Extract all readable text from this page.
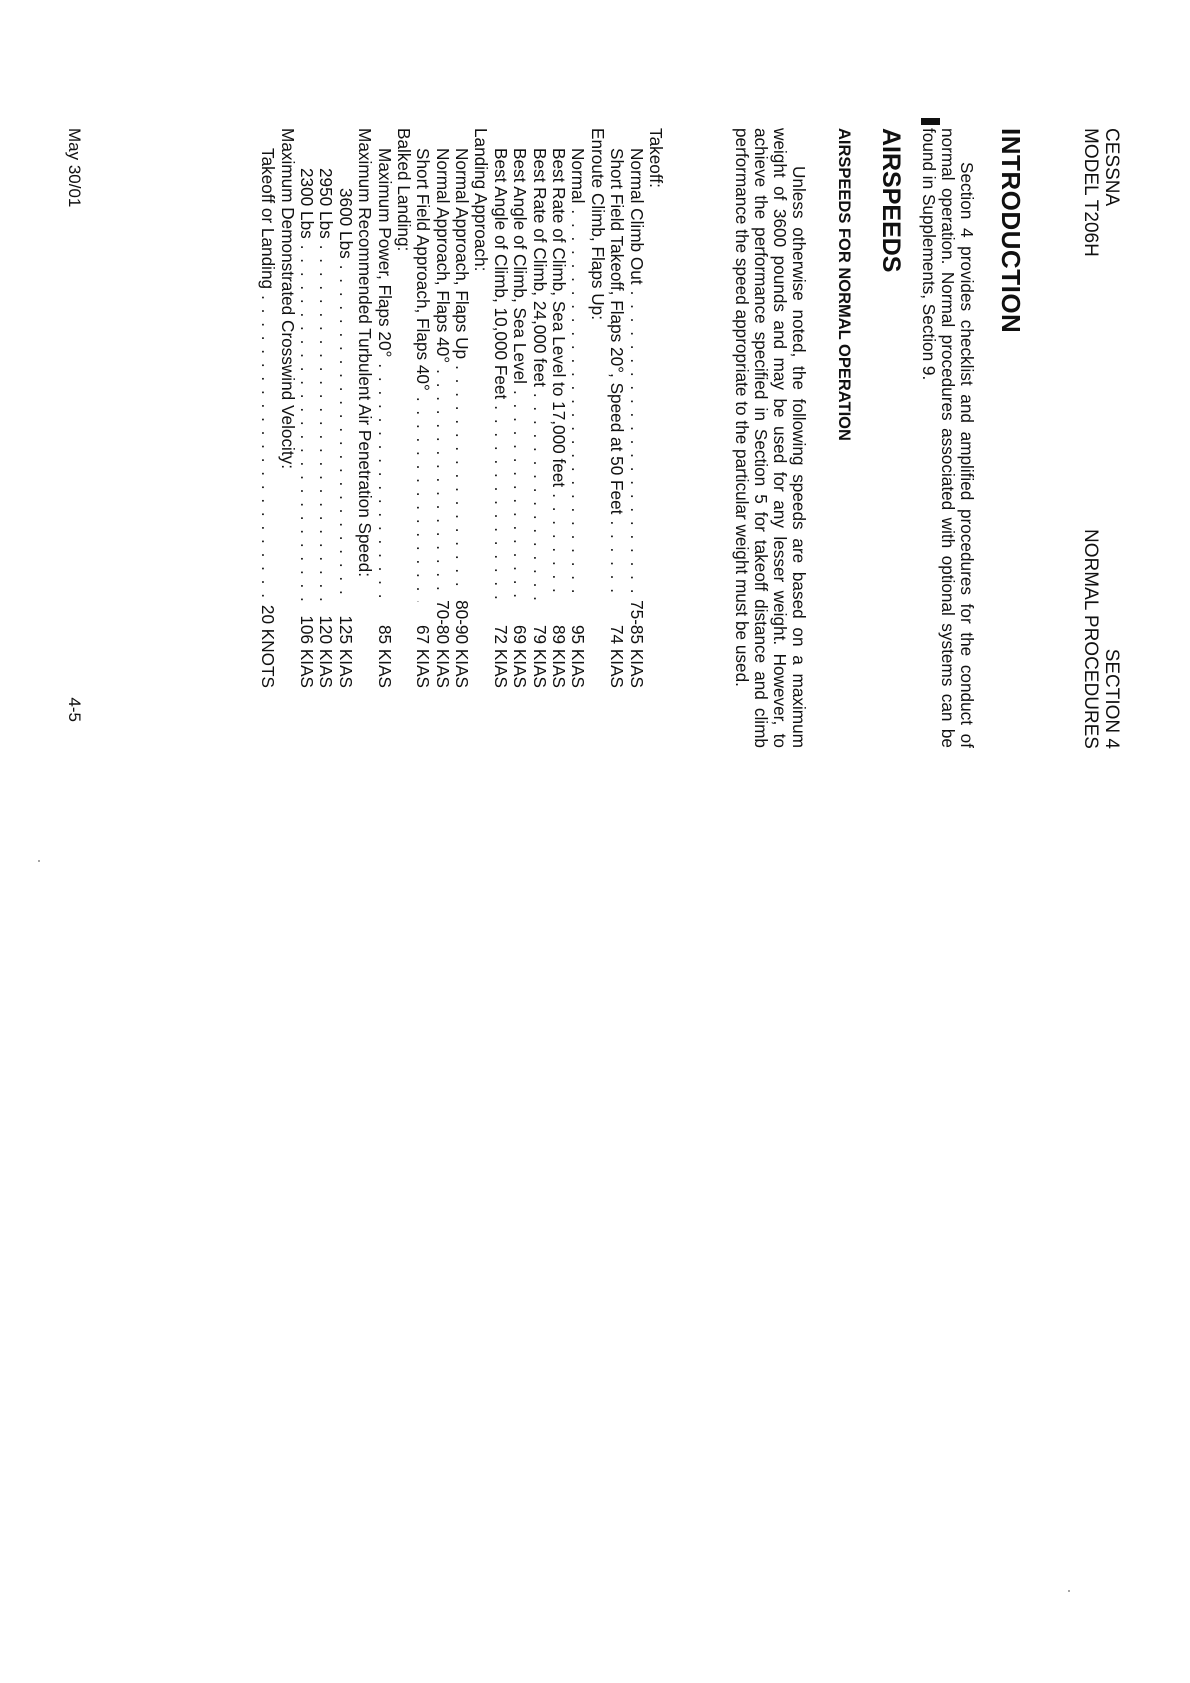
CESSNA
MODEL T206H
SECTION 4
NORMAL PROCEDURES
INTRODUCTION

Section 4 provides checklist and amplified procedures for the conduct of normal operation. Normal procedures associated with optional systems can be found in Supplements, Section 9.

AIRSPEEDS
AIRSPEEDS FOR NORMAL OPERATION

Unless otherwise noted, the following speeds are based on a maximum weight of 3600 pounds and may be used for any lesser weight. However, to achieve the performance specified in Section 5 for takeoff distance and climb performance the speed appropriate to the particular weight must be used.

Takeoff:
Normal Climb Out
. . .
75-85 KIAS
Short Field Takeoff, Flaps 20°, Speed at 50 Feet
. . .
74 KIAS
Enroute Climb, Flaps Up:
Normal
. . .
95 KIAS
Best Rate of Climb, Sea Level to 17,000 feet
. . .
89 KIAS
Best Rate of Climb, 24,000 feet
. . .
79 KIAS
Best Angle of Climb, Sea Level
. . .
69 KIAS
Best Angle of Climb, 10,000 Feet
. . .
72 KIAS
Landing Approach:
Normal Approach, Flaps Up
. . .
80-90 KIAS
Normal Approach, Flaps 40°
. . .
70-80 KIAS
Short Field Approach, Flaps 40°
. . .
67 KIAS
Balked Landing:
Maximum Power, Flaps 20°
. . .
85 KIAS
Maximum Recommended Turbulent Air Penetration Speed:
3600 Lbs
. . .
125 KIAS
2950 Lbs
. . .
120 KIAS
2300 Lbs
. . .
106 KIAS
Maximum Demonstrated Crosswind Velocity:
Takeoff or Landing
. . .
20 KNOTS
May 30/01
4-5
